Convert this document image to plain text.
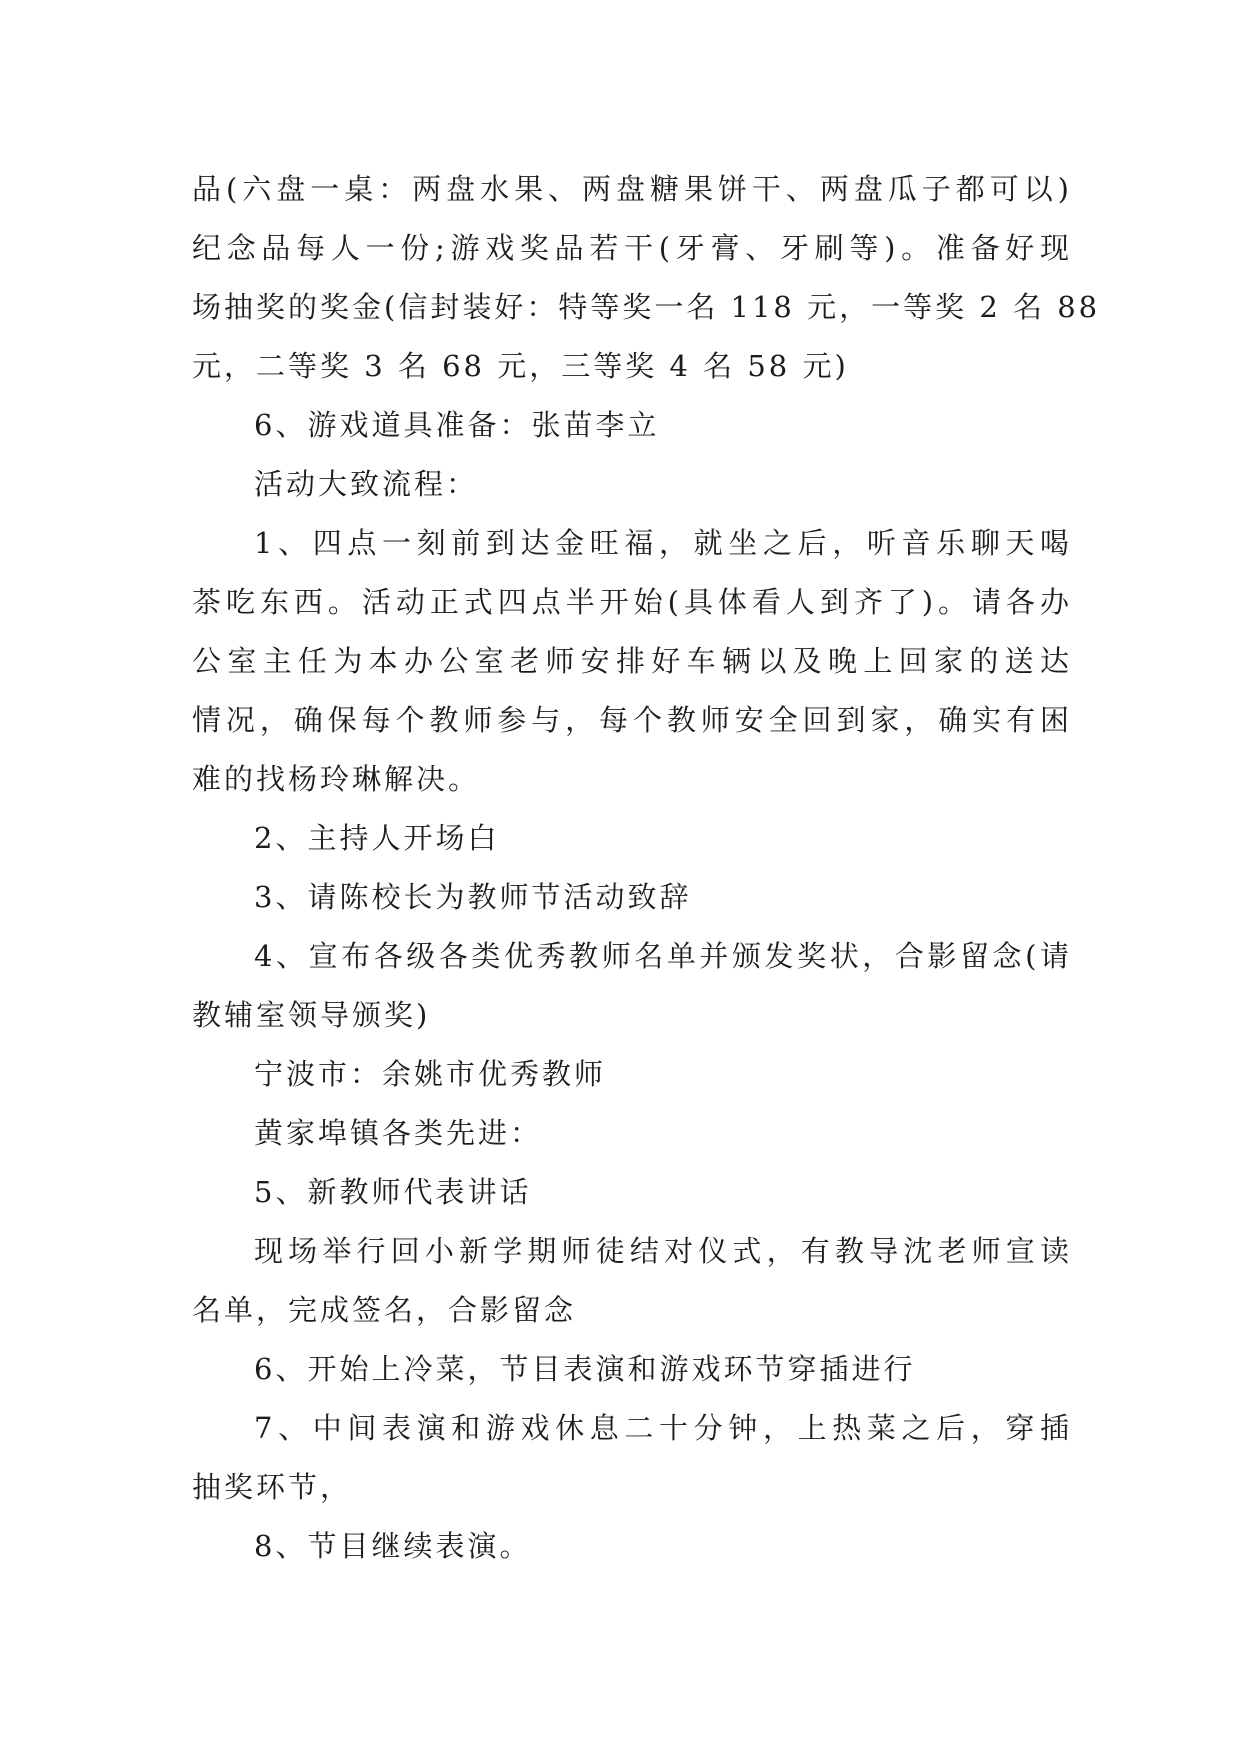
品(六盘一桌：两盘水果、两盘糖果饼干、两盘瓜子都可以)
纪念品每人一份;游戏奖品若干(牙膏、牙刷等)。准备好现
场抽奖的奖金(信封装好：特等奖一名 118 元，一等奖 2 名 88
元，二等奖 3 名 68 元，三等奖 4 名 58 元)
6、游戏道具准备：张苗李立
活动大致流程：
1、四点一刻前到达金旺福，就坐之后，听音乐聊天喝
茶吃东西。活动正式四点半开始(具体看人到齐了)。请各办
公室主任为本办公室老师安排好车辆以及晚上回家的送达
情况，确保每个教师参与，每个教师安全回到家，确实有困
难的找杨玲琳解决。
2、主持人开场白
3、请陈校长为教师节活动致辞
4、宣布各级各类优秀教师名单并颁发奖状，合影留念(请
教辅室领导颁奖)
宁波市：余姚市优秀教师
黄家埠镇各类先进：
5、新教师代表讲话
现场举行回小新学期师徒结对仪式，有教导沈老师宣读
名单，完成签名，合影留念
6、开始上冷菜，节目表演和游戏环节穿插进行
7、中间表演和游戏休息二十分钟，上热菜之后，穿插
抽奖环节，
8、节目继续表演。
